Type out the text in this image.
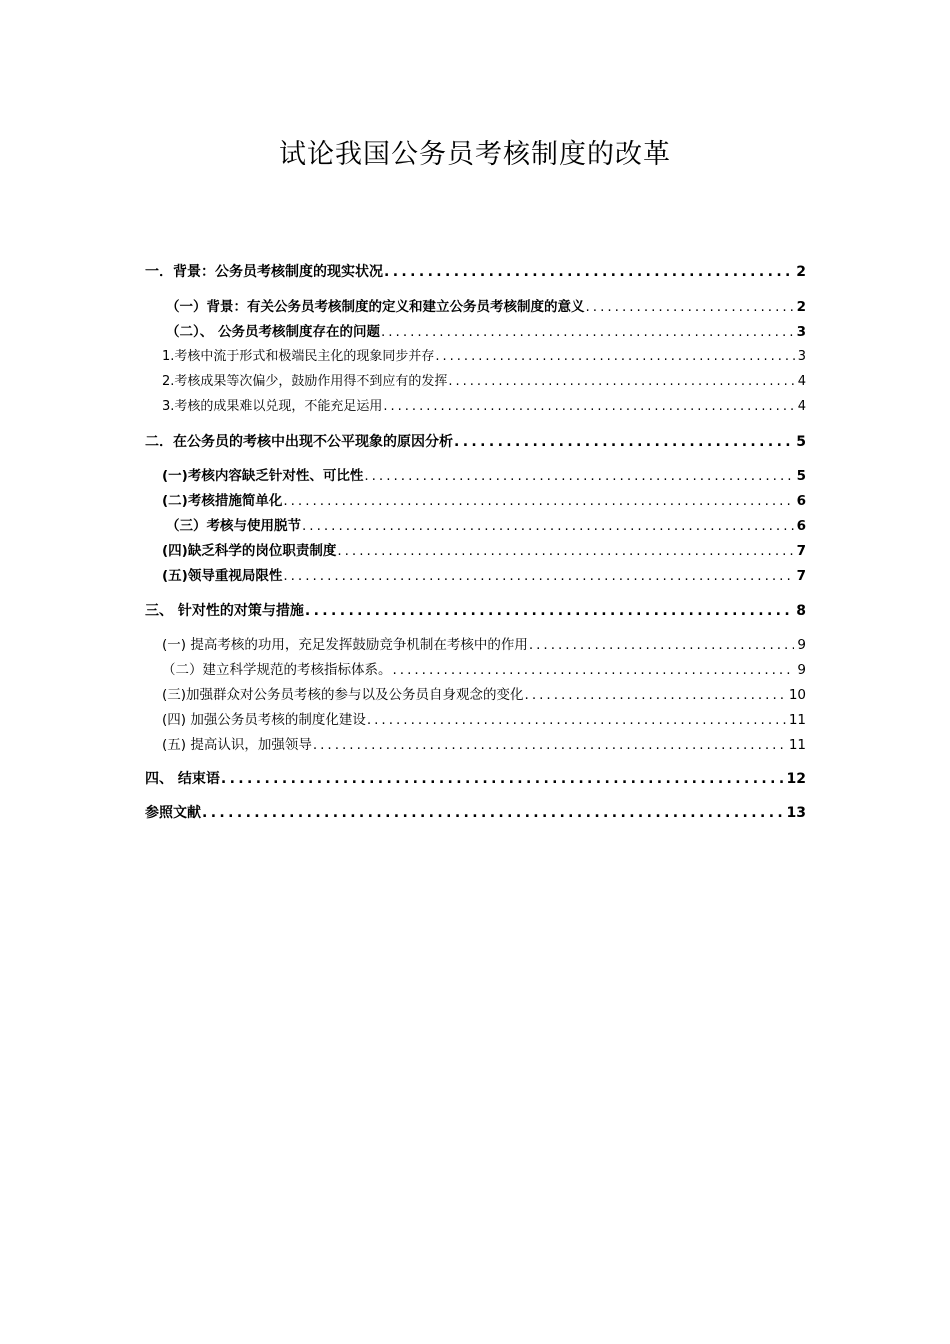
试论我国公务员考核制度的改革
一．背景：公务员考核制度的现实状况 .....	2
（一）背景：有关公务员考核制度的定义和建立公务员考核制度的意义 .....	2
（二）、 公务员考核制度存在的问题 .....	3
1.考核中流于形式和极端民主化的现象同步并存 .....	3
2.考核成果等次偏少，鼓励作用得不到应有的发挥 .....	4
3.考核的成果难以兑现，不能充足运用 .....	4
二．在公务员的考核中出现不公平现象的原因分析 .....	5
(一)考核内容缺乏针对性、可比性 .....	5
(二)考核措施简单化 .....	6
（三）考核与使用脱节 .....	6
(四)缺乏科学的岗位职责制度 .....	7
(五)领导重视局限性 .....	7
三、 针对性的对策与措施 .....	8
(一) 提高考核的功用，充足发挥鼓励竞争机制在考核中的作用 .....	9
（二）建立科学规范的考核指标体系。 .....	9
(三)加强群众对公务员考核的参与以及公务员自身观念的变化 .....	10
(四) 加强公务员考核的制度化建设 .....	11
(五) 提高认识，加强领导 .....	11
四、 结束语 .....	12
参照文献 .....	13
